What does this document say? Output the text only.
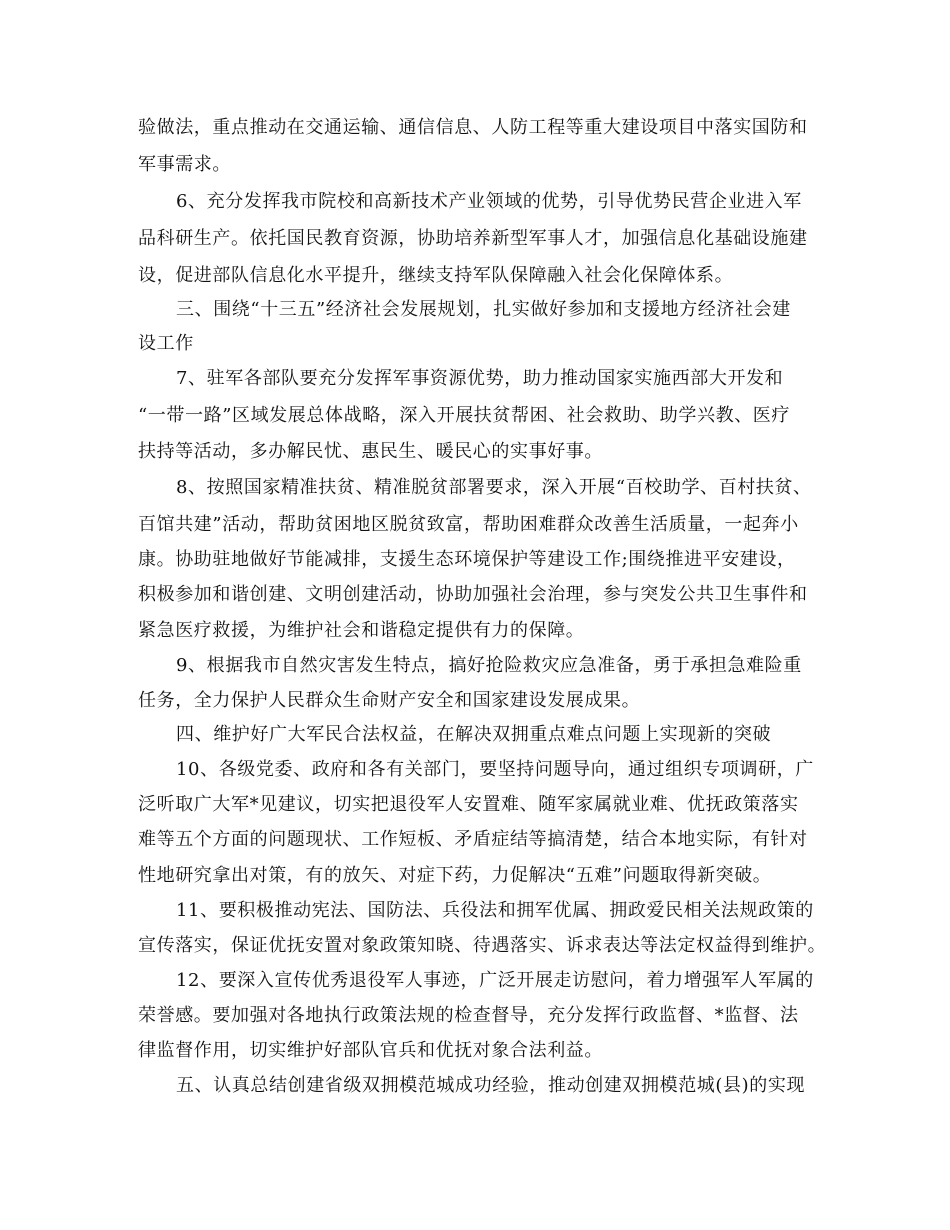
验做法，重点推动在交通运输、通信信息、人防工程等重大建设项目中落实国防和
军事需求。
6、充分发挥我市院校和高新技术产业领域的优势，引导优势民营企业进入军
品科研生产。依托国民教育资源，协助培养新型军事人才，加强信息化基础设施建
设，促进部队信息化水平提升，继续支持军队保障融入社会化保障体系。
三、围绕“十三五”经济社会发展规划，扎实做好参加和支援地方经济社会建
设工作
7、驻军各部队要充分发挥军事资源优势，助力推动国家实施西部大开发和
“一带一路”区域发展总体战略，深入开展扶贫帮困、社会救助、助学兴教、医疗
扶持等活动，多办解民忧、惠民生、暖民心的实事好事。
8、按照国家精准扶贫、精准脱贫部署要求，深入开展“百校助学、百村扶贫、
百馆共建”活动，帮助贫困地区脱贫致富，帮助困难群众改善生活质量，一起奔小
康。协助驻地做好节能减排，支援生态环境保护等建设工作;围绕推进平安建设，
积极参加和谐创建、文明创建活动，协助加强社会治理，参与突发公共卫生事件和
紧急医疗救援，为维护社会和谐稳定提供有力的保障。
9、根据我市自然灾害发生特点，搞好抢险救灾应急准备，勇于承担急难险重
任务，全力保护人民群众生命财产安全和国家建设发展成果。
四、维护好广大军民合法权益，在解决双拥重点难点问题上实现新的突破
10、各级党委、政府和各有关部门，要坚持问题导向，通过组织专项调研，广
泛听取广大军*见建议，切实把退役军人安置难、随军家属就业难、优抚政策落实
难等五个方面的问题现状、工作短板、矛盾症结等搞清楚，结合本地实际，有针对
性地研究拿出对策，有的放矢、对症下药，力促解决“五难”问题取得新突破。
11、要积极推动宪法、国防法、兵役法和拥军优属、拥政爱民相关法规政策的
宣传落实，保证优抚安置对象政策知晓、待遇落实、诉求表达等法定权益得到维护。
12、要深入宣传优秀退役军人事迹，广泛开展走访慰问，着力增强军人军属的
荣誉感。要加强对各地执行政策法规的检查督导，充分发挥行政监督、*监督、法
律监督作用，切实维护好部队官兵和优抚对象合法利益。
五、认真总结创建省级双拥模范城成功经验，推动创建双拥模范城(县)的实现
